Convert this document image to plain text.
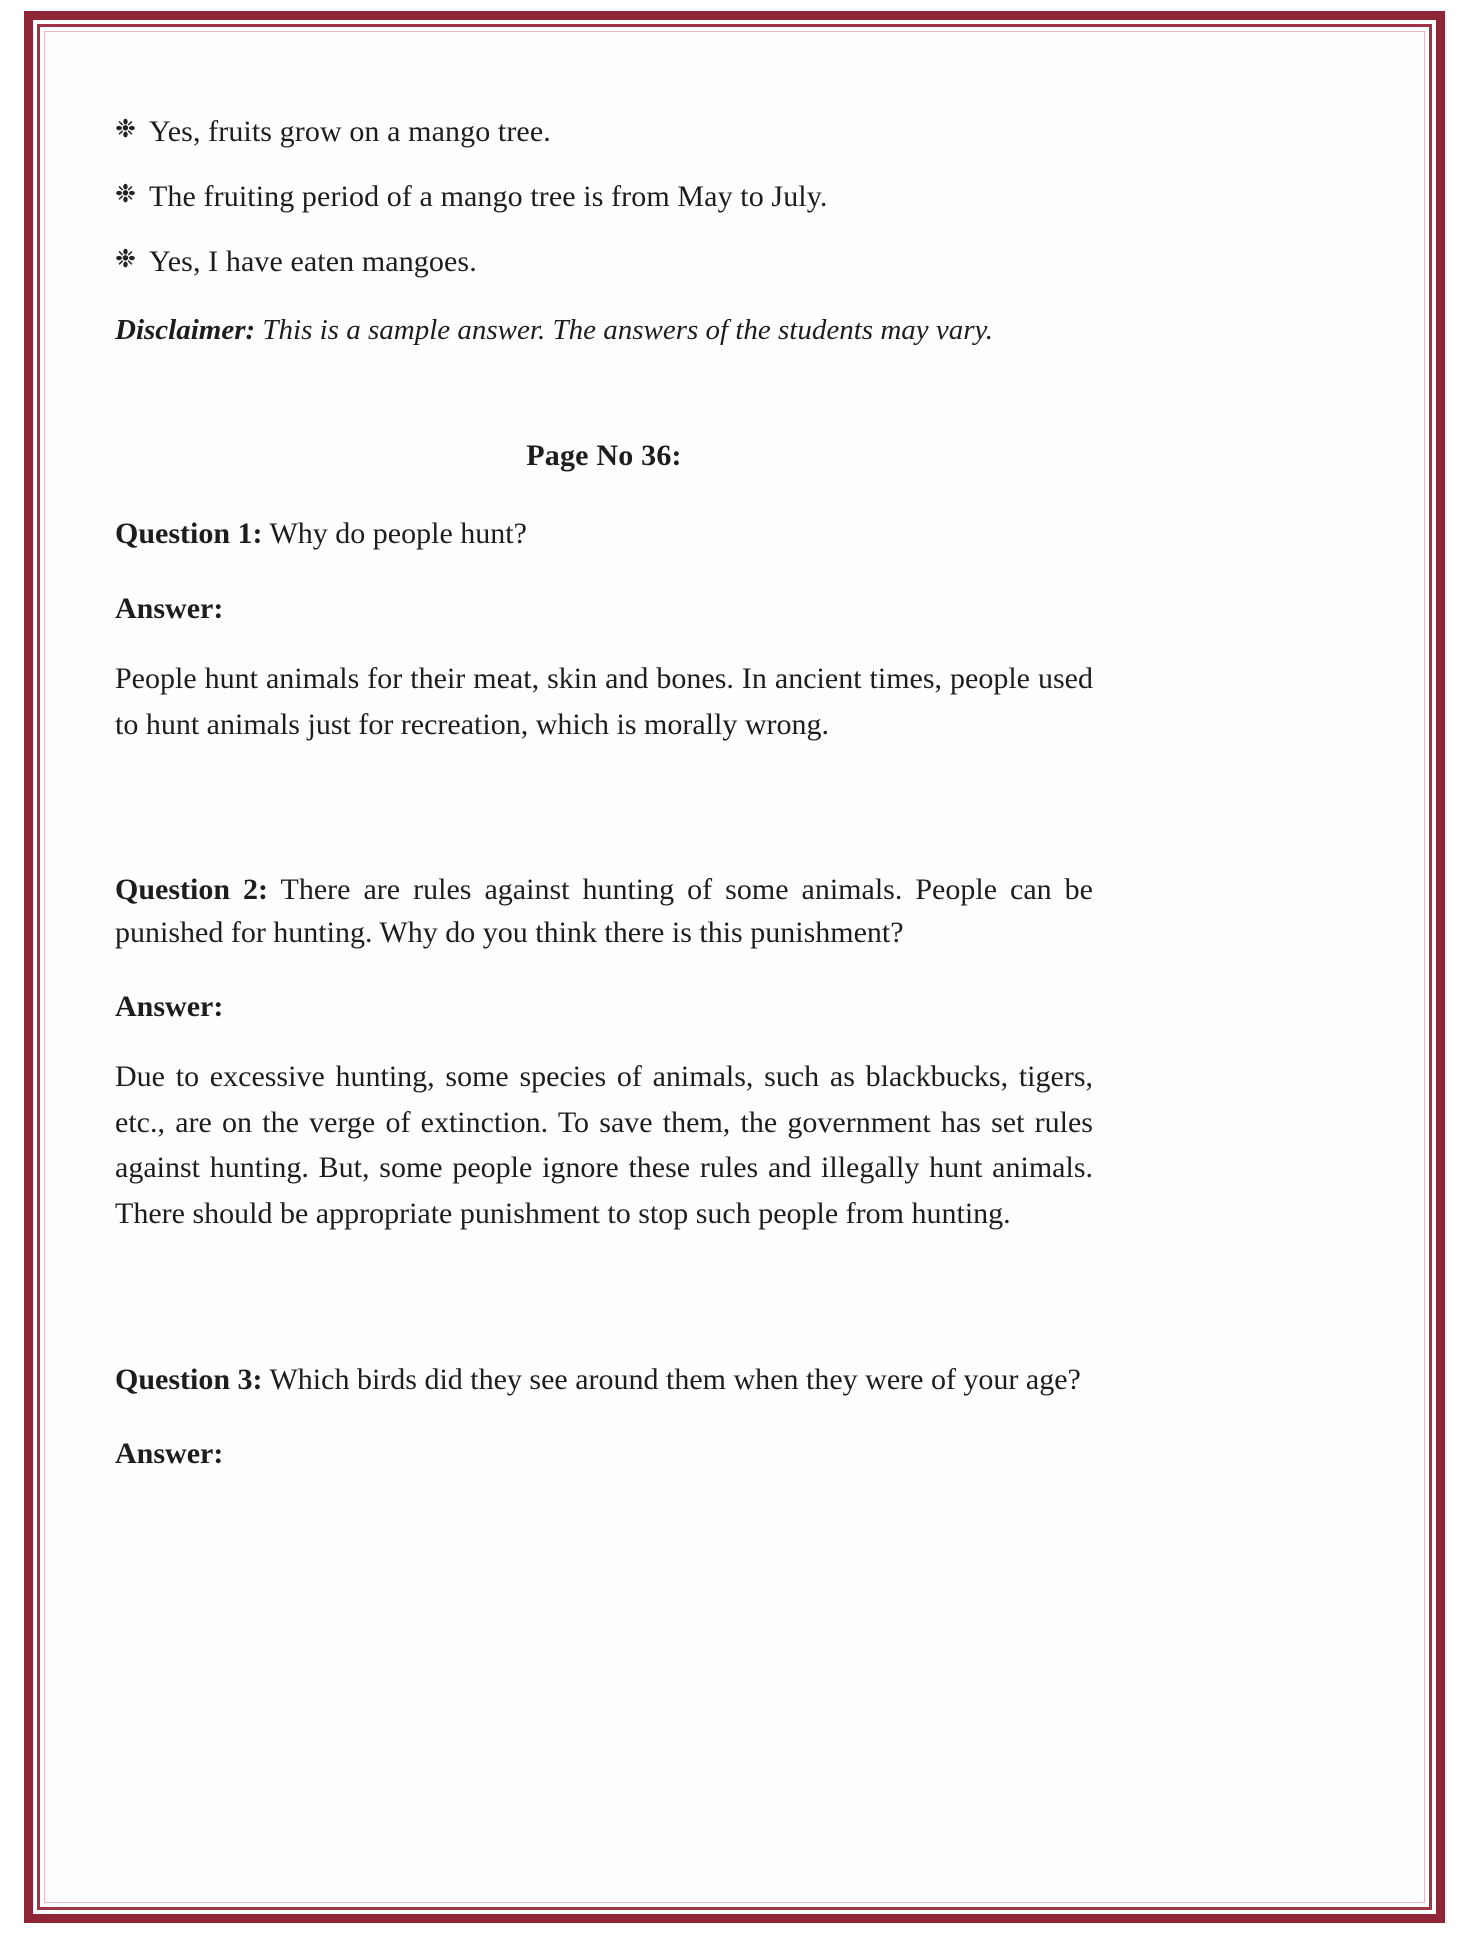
❉ Yes, fruits grow on a mango tree.
❉ The fruiting period of a mango tree is from May to July.
❉ Yes, I have eaten mangoes.

Disclaimer: This is a sample answer. The answers of the students may vary.

Page No 36:

Question 1: Why do people hunt?

Answer:

People hunt animals for their meat, skin and bones. In ancient times, people used to hunt animals just for recreation, which is morally wrong.

Question 2: There are rules against hunting of some animals. People can be punished for hunting. Why do you think there is this punishment?

Answer:

Due to excessive hunting, some species of animals, such as blackbucks, tigers, etc., are on the verge of extinction. To save them, the government has set rules against hunting. But, some people ignore these rules and illegally hunt animals. There should be appropriate punishment to stop such people from hunting.

Question 3: Which birds did they see around them when they were of your age?

Answer:
